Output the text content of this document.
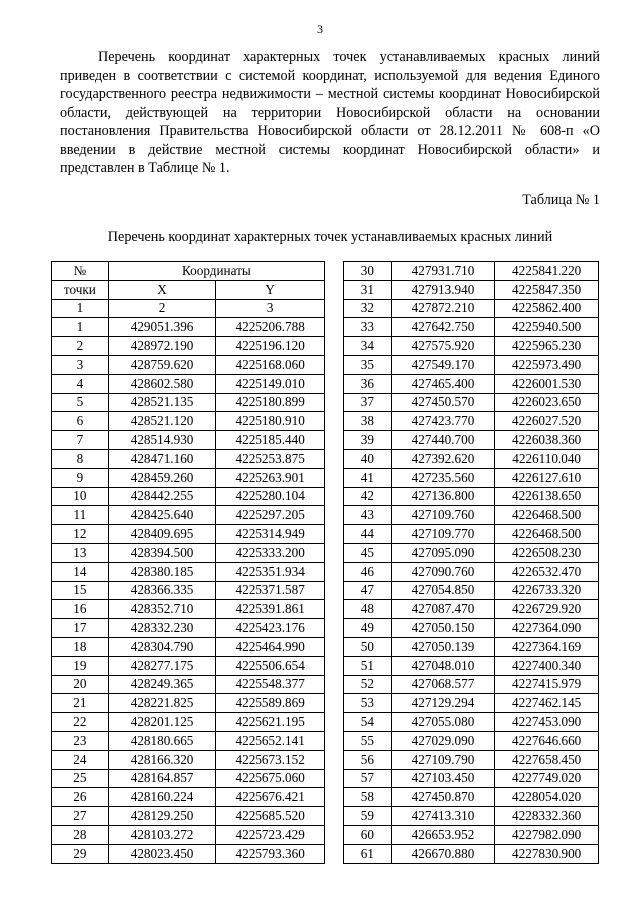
3

Перечень координат характерных точек устанавливаемых красных линий приведен в соответствии с системой координат, используемой для ведения Единого государственного реестра недвижимости – местной системы координат Новосибирской области, действующей на территории Новосибирской области на основании постановления Правительства Новосибирской области от 28.12.2011 № 608-п «О введении в действие местной системы координат Новосибирской области» и представлен в Таблице № 1.

Таблица № 1
Перечень координат характерных точек устанавливаемых красных линий
№	Координаты	
точки	X	Y
1	2	3
1	429051.396	4225206.788
2	428972.190	4225196.120
3	428759.620	4225168.060
4	428602.580	4225149.010
5	428521.135	4225180.899
6	428521.120	4225180.910
7	428514.930	4225185.440
8	428471.160	4225253.875
9	428459.260	4225263.901
10	428442.255	4225280.104
11	428425.640	4225297.205
12	428409.695	4225314.949
13	428394.500	4225333.200
14	428380.185	4225351.934
15	428366.335	4225371.587
16	428352.710	4225391.861
17	428332.230	4225423.176
18	428304.790	4225464.990
19	428277.175	4225506.654
20	428249.365	4225548.377
21	428221.825	4225589.869
22	428201.125	4225621.195
23	428180.665	4225652.141
24	428166.320	4225673.152
25	428164.857	4225675.060
26	428160.224	4225676.421
27	428129.250	4225685.520
28	428103.272	4225723.429
29	428023.450	4225793.360
30	427931.710	4225841.220
31	427913.940	4225847.350
32	427872.210	4225862.400
33	427642.750	4225940.500
34	427575.920	4225965.230
35	427549.170	4225973.490
36	427465.400	4226001.530
37	427450.570	4226023.650
38	427423.770	4226027.520
39	427440.700	4226038.360
40	427392.620	4226110.040
41	427235.560	4226127.610
42	427136.800	4226138.650
43	427109.760	4226468.500
44	427109.770	4226468.500
45	427095.090	4226508.230
46	427090.760	4226532.470
47	427054.850	4226733.320
48	427087.470	4226729.920
49	427050.150	4227364.090
50	427050.139	4227364.169
51	427048.010	4227400.340
52	427068.577	4227415.979
53	427129.294	4227462.145
54	427055.080	4227453.090
55	427029.090	4227646.660
56	427109.790	4227658.450
57	427103.450	4227749.020
58	427450.870	4228054.020
59	427413.310	4228332.360
60	426653.952	4227982.090
61	426670.880	4227830.900
